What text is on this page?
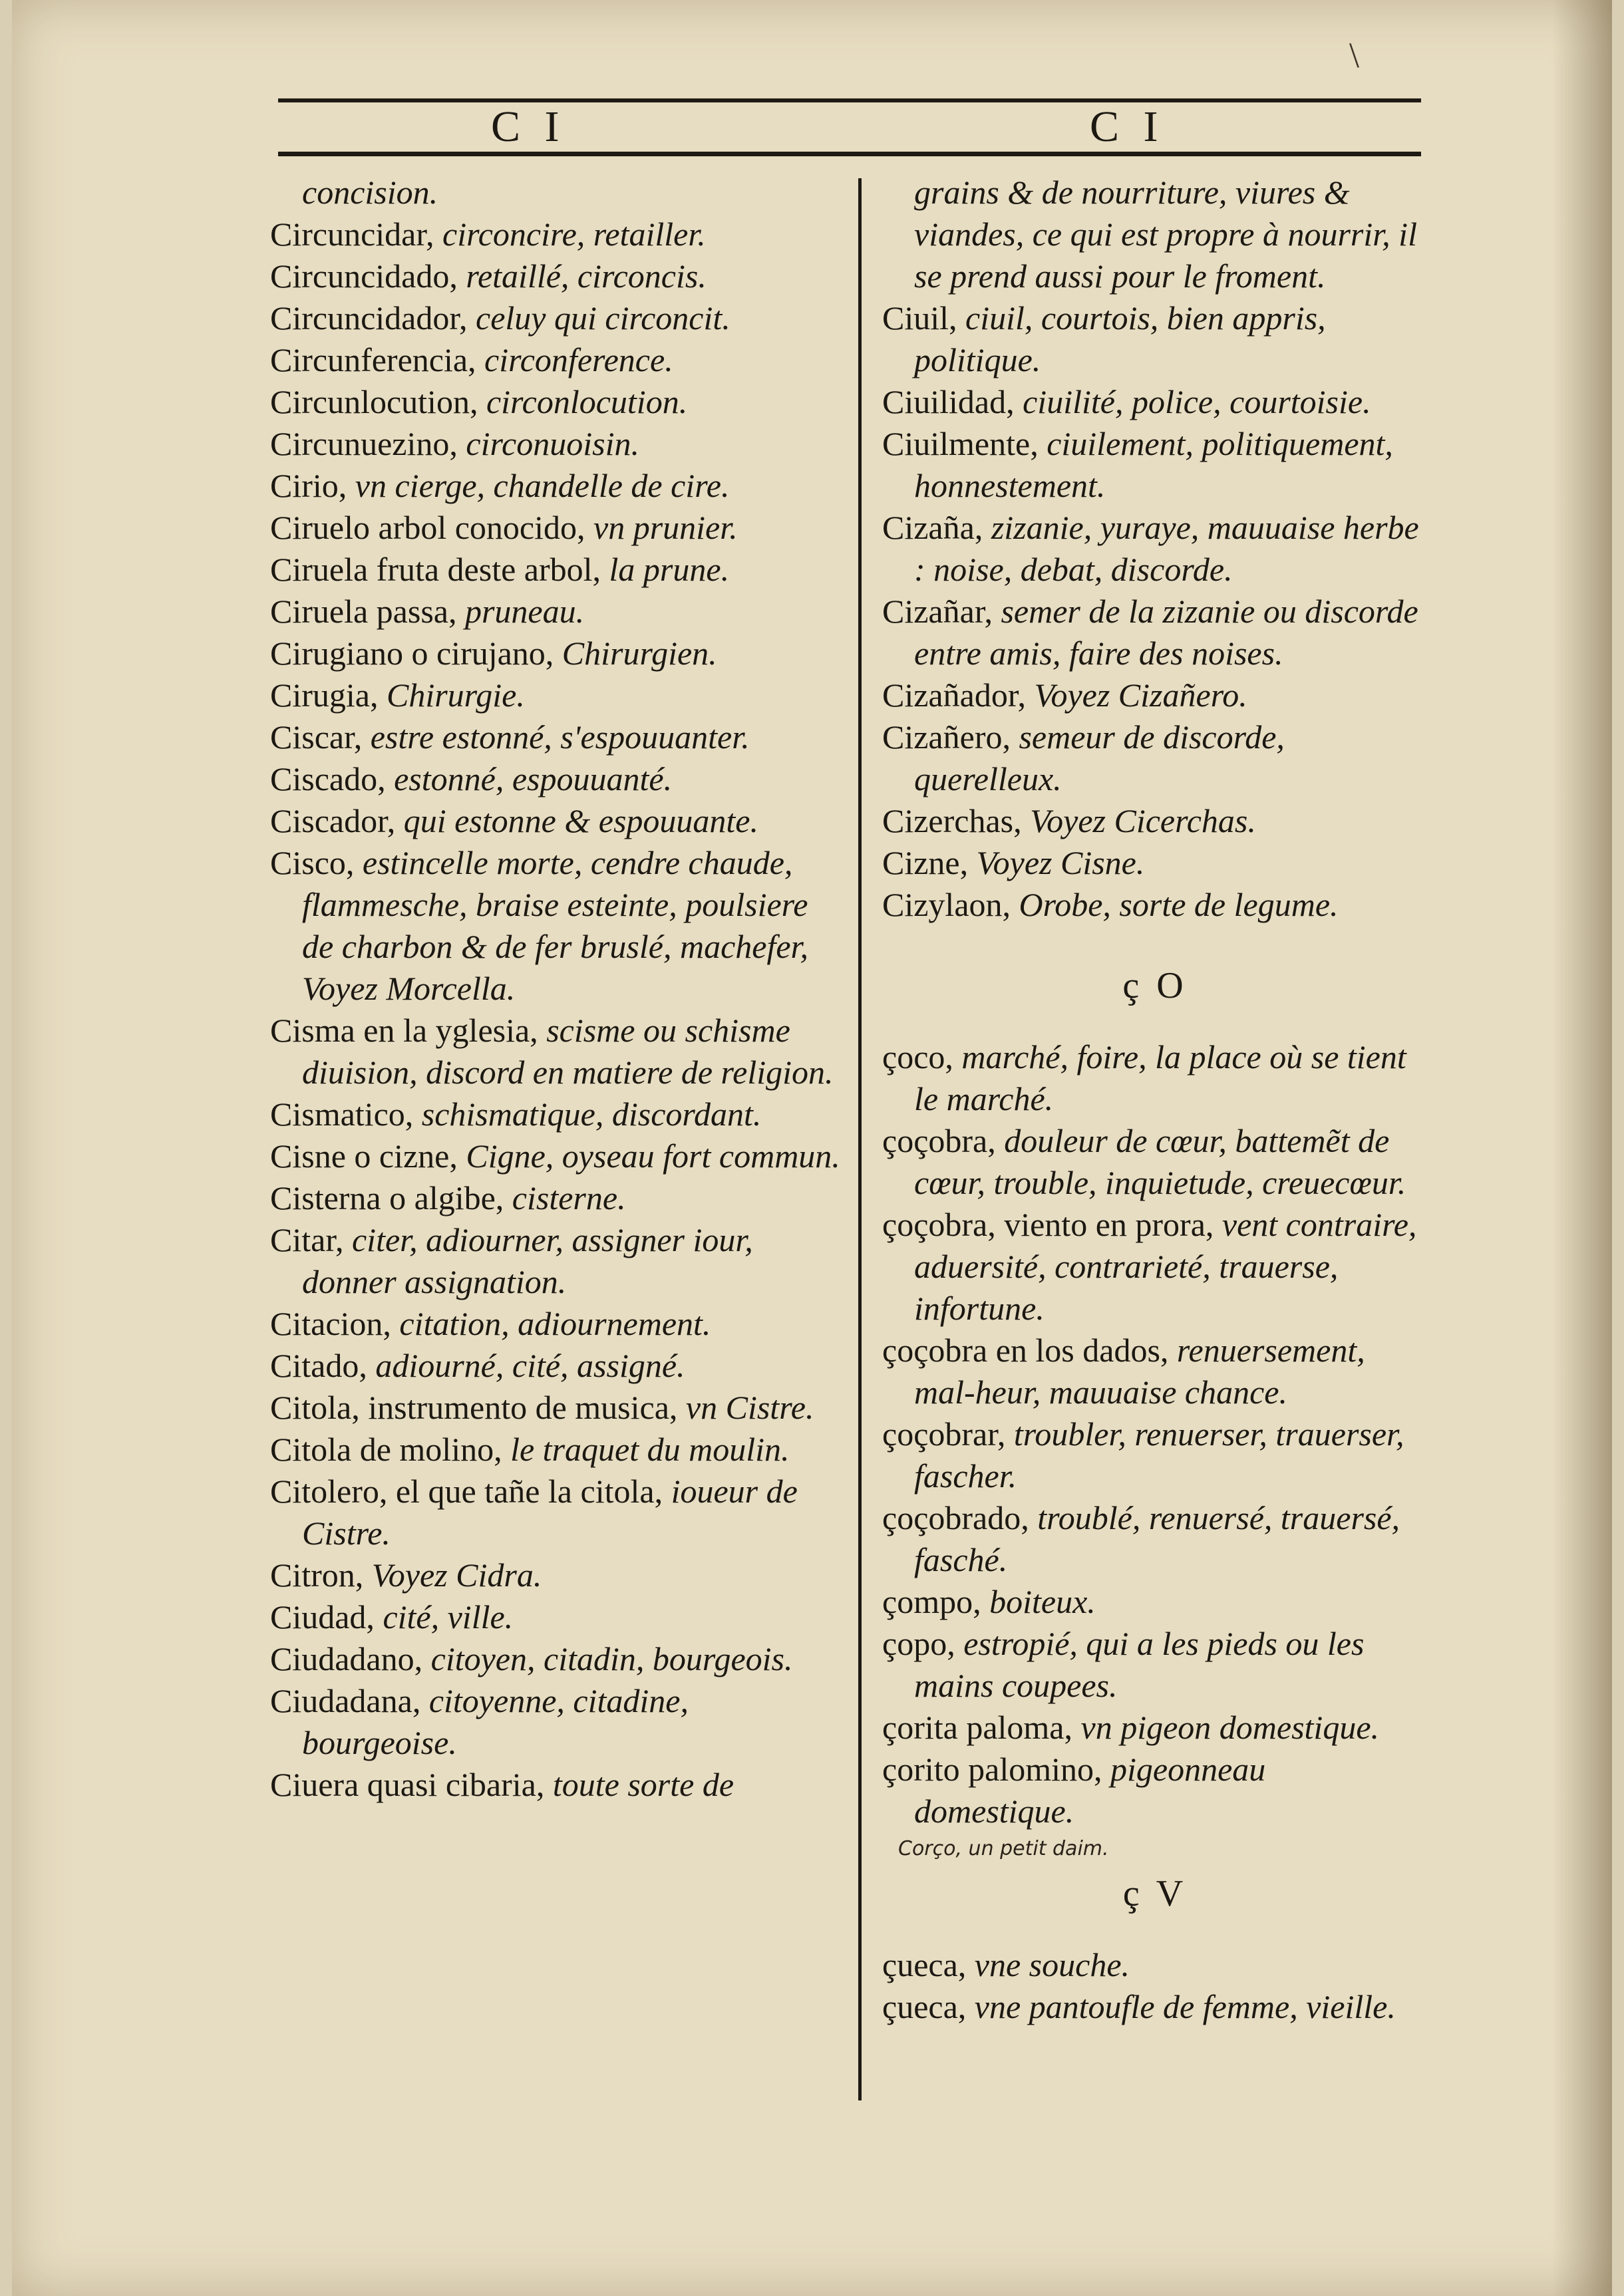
\
C I	C I

concision.

Circuncidar, circoncire, retailler.

Circuncidado, retaillé, circoncis.

Circuncidador, celuy qui circoncit.

Circunferencia, circonference.

Circunlocution, circonlocution.

Circunuezino, circonuoisin.

Cirio, vn cierge, chandelle de cire.

Ciruelo arbol conocido, vn prunier.

Ciruela fruta deste arbol, la prune.

Ciruela passa, pruneau.

Cirugiano o cirujano, Chirurgien.

Cirugia, Chirurgie.

Ciscar, estre estonné, s'espouuanter.

Ciscado, estonné, espouuanté.

Ciscador, qui estonne & espouuante.

Cisco, estincelle morte, cendre chaude, flammesche, braise esteinte, poulsiere de charbon & de fer bruslé, machefer, Voyez Morcella.

Cisma en la yglesia, scisme ou schisme diuision, discord en matiere de religion.

Cismatico, schismatique, discordant.

Cisne o cizne, Cigne, oyseau fort commun.

Cisterna o algibe, cisterne.

Citar, citer, adiourner, assigner iour, donner assignation.

Citacion, citation, adiournement.

Citado, adiourné, cité, assigné.

Citola, instrumento de musica, vn Cistre.

Citola de molino, le traquet du moulin.

Citolero, el que tañe la citola, ioueur de Cistre.

Citron, Voyez Cidra.

Ciudad, cité, ville.

Ciudadano, citoyen, citadin, bourgeois.

Ciudadana, citoyenne, citadine, bourgeoise.

Ciuera quasi cibaria, toute sorte de

grains & de nourriture, viures & viandes, ce qui est propre à nourrir, il se prend aussi pour le froment.

Ciuil, ciuil, courtois, bien appris, politique.

Ciuilidad, ciuilité, police, courtoisie.

Ciuilmente, ciuilement, politiquement, honnestement.

Cizaña, zizanie, yuraye, mauuaise herbe : noise, debat, discorde.

Cizañar, semer de la zizanie ou discorde entre amis, faire des noises.

Cizañador, Voyez Cizañero.

Cizañero, semeur de discorde, querelleux.

Cizerchas, Voyez Cicerchas.

Cizne, Voyez Cisne.

Cizylaon, Orobe, sorte de legume.

ç O

çoco, marché, foire, la place où se tient le marché.

çoçobra, douleur de cœur, battemẽt de cœur, trouble, inquietude, creuecœur.

çoçobra, viento en prora, vent contraire, aduersité, contrarieté, trauerse, infortune.

çoçobra en los dados, renuersement, mal-heur, mauuaise chance.

çoçobrar, troubler, renuerser, trauerser, fascher.

çoçobrado, troublé, renuersé, trauersé, fasché.

çompo, boiteux.

çopo, estropié, qui a les pieds ou les mains coupees.

çorita paloma, vn pigeon domestique.

çorito palomino, pigeonneau domestique.

Corço, un petit daim.
ç V

çueca, vne souche.

çueca, vne pantoufle de femme, vieille.
